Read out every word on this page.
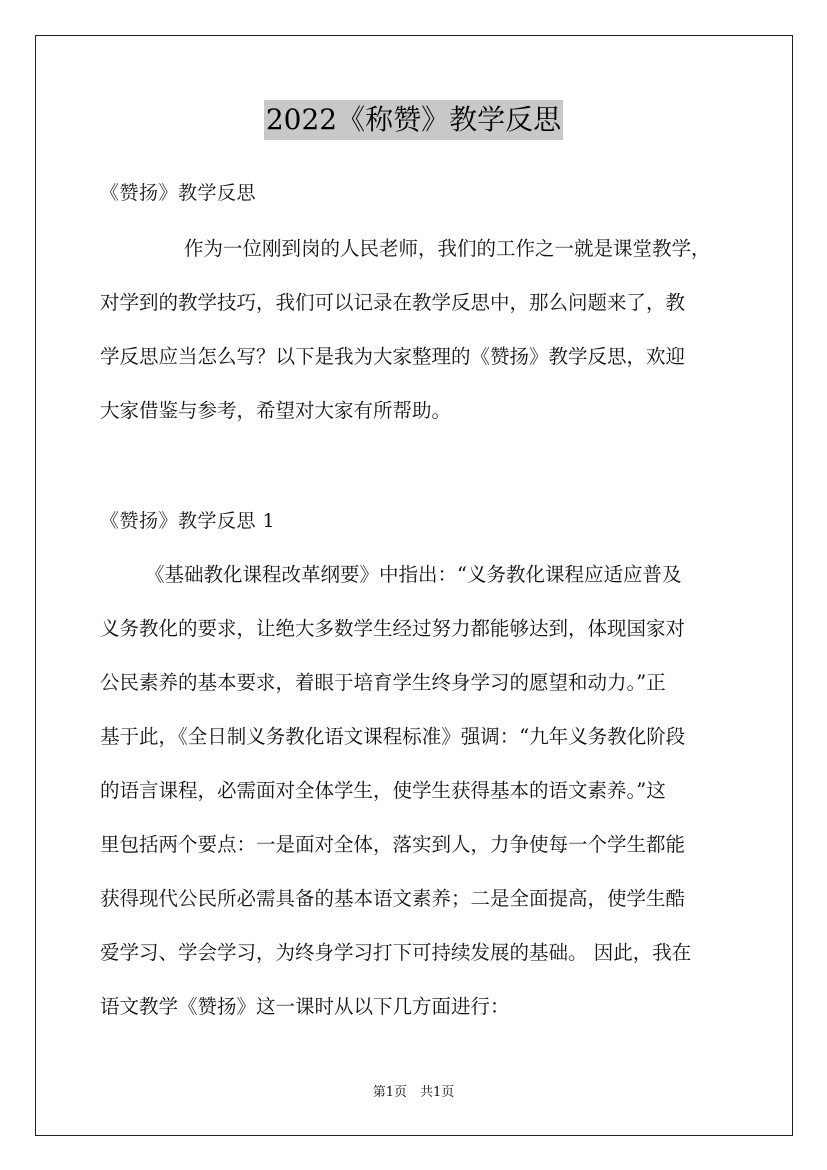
2022《称赞》教学反思
《赞扬》教学反思
作为一位刚到岗的人民老师，我们的工作之一就是课堂教学，
对学到的教学技巧，我们可以记录在教学反思中，那么问题来了，教
学反思应当怎么写？以下是我为大家整理的《赞扬》教学反思，欢迎
大家借鉴与参考，希望对大家有所帮助。
《赞扬》教学反思 1
《基础教化课程改革纲要》中指出：“义务教化课程应适应普及
义务教化的要求，让绝大多数学生经过努力都能够达到，体现国家对
公民素养的基本要求，着眼于培育学生终身学习的愿望和动力。”正
基于此，《全日制义务教化语文课程标准》强调：“九年义务教化阶段
的语言课程，必需面对全体学生，使学生获得基本的语文素养。”这
里包括两个要点：一是面对全体，落实到人，力争使每一个学生都能
获得现代公民所必需具备的基本语文素养；二是全面提高，使学生酷
爱学习、学会学习，为终身学习打下可持续发展的基础。 因此，我在
语文教学《赞扬》这一课时从以下几方面进行：
第1页　共1页
